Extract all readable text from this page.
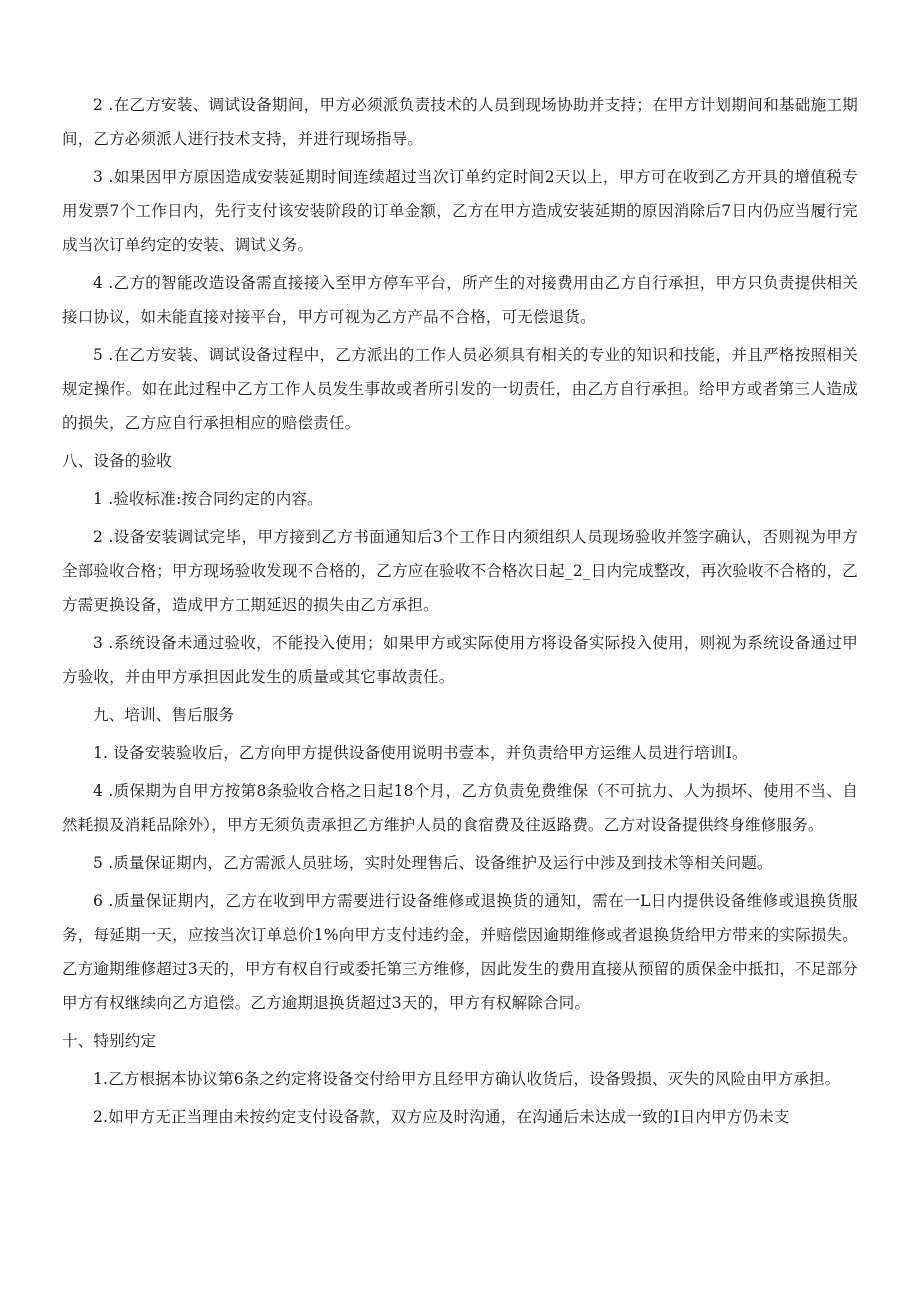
2 .在乙方安装、调试设备期间，甲方必须派负责技术的人员到现场协助并支持；在甲方计划期间和基础施工期间，乙方必须派人进行技术支持，并进行现场指导。

3 .如果因甲方原因造成安装延期时间连续超过当次订单约定时间2天以上，甲方可在收到乙方开具的增值税专用发票7个工作日内，先行支付该安装阶段的订单金额，乙方在甲方造成安装延期的原因消除后7日内仍应当履行完成当次订单约定的安装、调试义务。

4 .乙方的智能改造设备需直接接入至甲方停车平台，所产生的对接费用由乙方自行承担，甲方只负责提供相关接口协议，如未能直接对接平台，甲方可视为乙方产品不合格，可无偿退货。

5 .在乙方安装、调试设备过程中，乙方派出的工作人员必须具有相关的专业的知识和技能，并且严格按照相关规定操作。如在此过程中乙方工作人员发生事故或者所引发的一切责任，由乙方自行承担。给甲方或者第三人造成的损失，乙方应自行承担相应的赔偿责任。

八、设备的验收

1 .验收标准:按合同约定的内容。

2 .设备安装调试完毕，甲方接到乙方书面通知后3个工作日内须组织人员现场验收并签字确认，否则视为甲方全部验收合格；甲方现场验收发现不合格的，乙方应在验收不合格次日起_2_日内完成整改，再次验收不合格的，乙方需更换设备，造成甲方工期延迟的损失由乙方承担。

3 .系统设备未通过验收，不能投入使用；如果甲方或实际使用方将设备实际投入使用，则视为系统设备通过甲方验收，并由甲方承担因此发生的质量或其它事故责任。

九、培训、售后服务

1. 设备安装验收后，乙方向甲方提供设备使用说明书壹本，并负责给甲方运维人员进行培训I。

4 .质保期为自甲方按第8条验收合格之日起18个月，乙方负责免费维保（不可抗力、人为损坏、使用不当、自然耗损及消耗品除外），甲方无须负责承担乙方维护人员的食宿费及往返路费。乙方对设备提供终身维修服务。

5 .质量保证期内，乙方需派人员驻场，实时处理售后、设备维护及运行中涉及到技术等相关问题。

6 .质量保证期内，乙方在收到甲方需要进行设备维修或退换货的通知，需在一L日内提供设备维修或退换货服务，每延期一天，应按当次订单总价1%向甲方支付违约金，并赔偿因逾期维修或者退换货给甲方带来的实际损失。乙方逾期维修超过3天的，甲方有权自行或委托第三方维修，因此发生的费用直接从预留的质保金中抵扣，不足部分甲方有权继续向乙方追偿。乙方逾期退换货超过3天的，甲方有权解除合同。

十、特别约定

1.乙方根据本协议第6条之约定将设备交付给甲方且经甲方确认收货后，设备毁损、灭失的风险由甲方承担。

2.如甲方无正当理由未按约定支付设备款，双方应及时沟通，在沟通后未达成一致的I日内甲方仍未支
